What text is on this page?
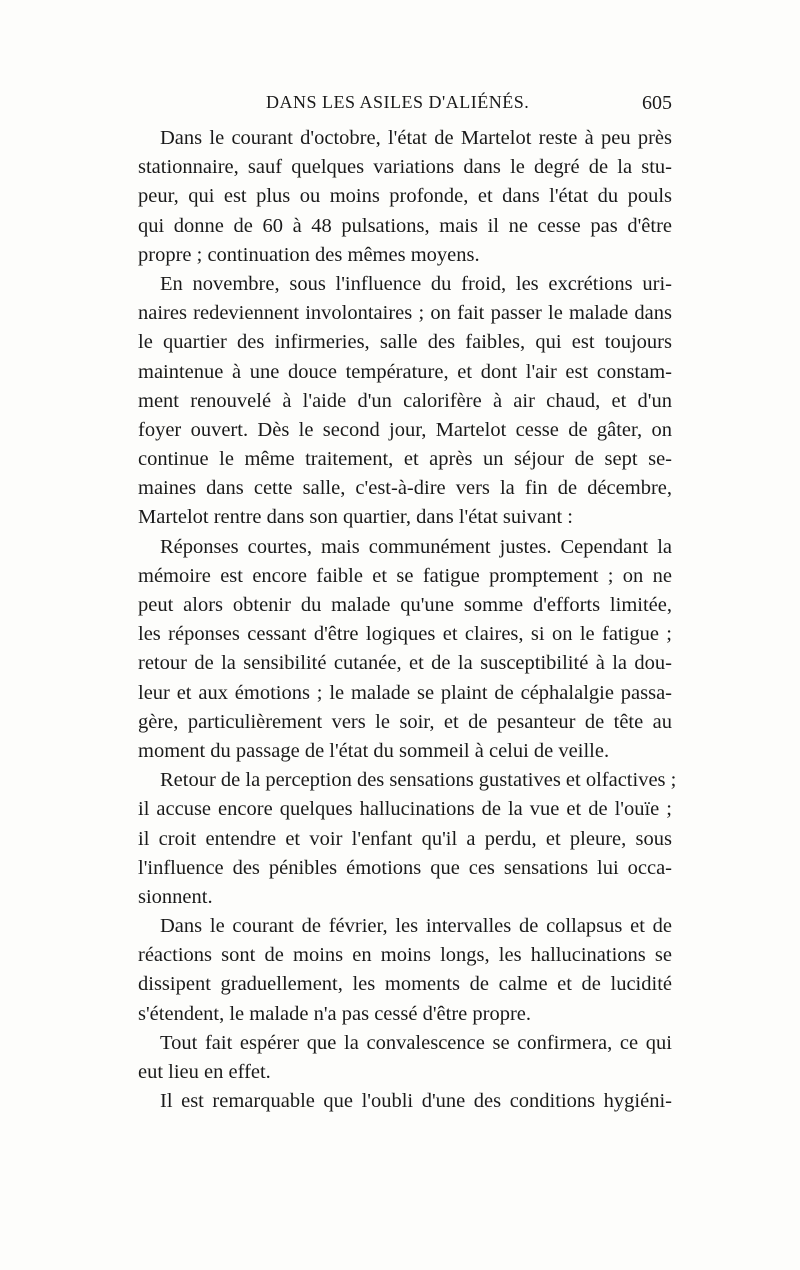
DANS LES ASILES D'ALIÉNÉS.	605
Dans le courant d'octobre, l'état de Martelot reste à peu près
stationnaire, sauf quelques variations dans le degré de la stu-
peur, qui est plus ou moins profonde, et dans l'état du pouls
qui donne de 60 à 48 pulsations, mais il ne cesse pas d'être
propre ; continuation des mêmes moyens.
En novembre, sous l'influence du froid, les excrétions uri-
naires redeviennent involontaires ; on fait passer le malade dans
le quartier des infirmeries, salle des faibles, qui est toujours
maintenue à une douce température, et dont l'air est constam-
ment renouvelé à l'aide d'un calorifère à air chaud, et d'un
foyer ouvert. Dès le second jour, Martelot cesse de gâter, on
continue le même traitement, et après un séjour de sept se-
maines dans cette salle, c'est-à-dire vers la fin de décembre,
Martelot rentre dans son quartier, dans l'état suivant :
Réponses courtes, mais communément justes. Cependant la
mémoire est encore faible et se fatigue promptement ; on ne
peut alors obtenir du malade qu'une somme d'efforts limitée,
les réponses cessant d'être logiques et claires, si on le fatigue ;
retour de la sensibilité cutanée, et de la susceptibilité à la dou-
leur et aux émotions ; le malade se plaint de céphalalgie passa-
gère, particulièrement vers le soir, et de pesanteur de tête au
moment du passage de l'état du sommeil à celui de veille.
Retour de la perception des sensations gustatives et olfactives ;
il accuse encore quelques hallucinations de la vue et de l'ouïe ;
il croit entendre et voir l'enfant qu'il a perdu, et pleure, sous
l'influence des pénibles émotions que ces sensations lui occa-
sionnent.
Dans le courant de février, les intervalles de collapsus et de
réactions sont de moins en moins longs, les hallucinations se
dissipent graduellement, les moments de calme et de lucidité
s'étendent, le malade n'a pas cessé d'être propre.
Tout fait espérer que la convalescence se confirmera, ce qui
eut lieu en effet.
Il est remarquable que l'oubli d'une des conditions hygiéni-
